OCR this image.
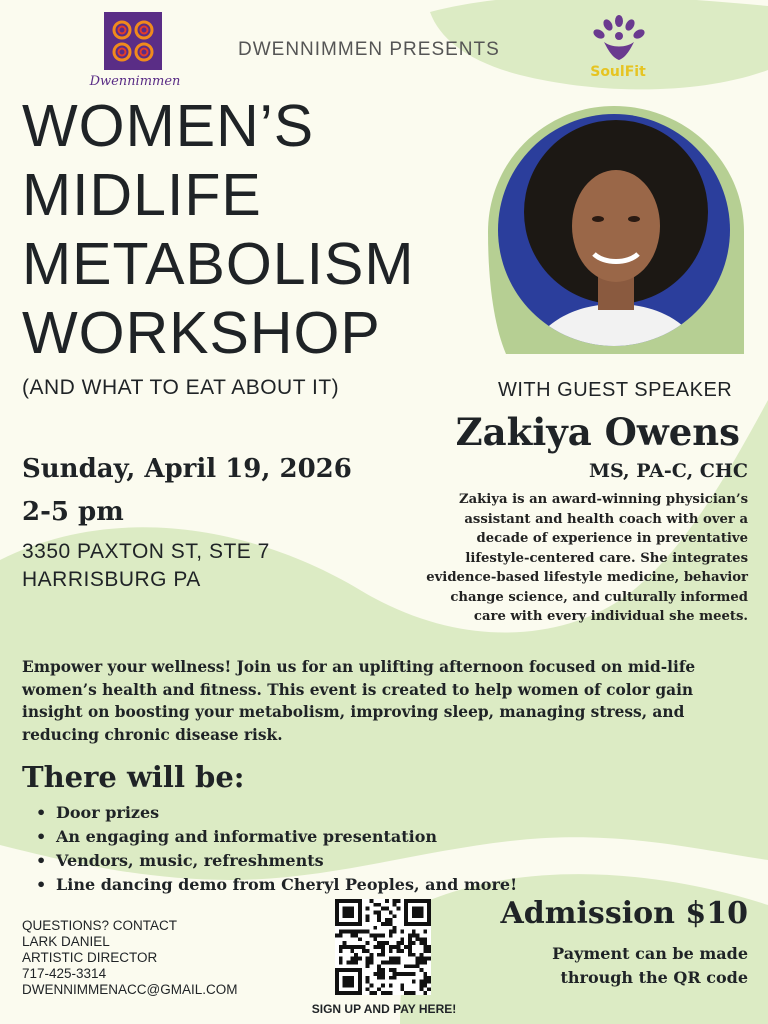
Dwennimmen
DWENNIMMEN PRESENTS
SoulFit
WOMEN’S
MIDLIFE
METABOLISM
WORKSHOP
(AND WHAT TO EAT ABOUT IT)	WITH GUEST SPEAKER
Zakiya Owens
MS, PA-C, CHC
Zakiya is an award-winning physician’s
assistant and health coach with over a
decade of experience in preventative
lifestyle-centered care. She integrates
evidence-based lifestyle medicine, behavior
change science, and culturally informed
care with every individual she meets.
Sunday, April 19, 2026
2-5 pm
3350 PAXTON ST, STE 7
HARRISBURG PA
Empower your wellness! Join us for an uplifting afternoon focused on mid-life
women’s health and fitness. This event is created to help women of color gain
insight on boosting your metabolism, improving sleep, managing stress, and
reducing chronic disease risk.
There will be:
• Door prizes
• An engaging and informative presentation
• Vendors, music, refreshments
• Line dancing demo from Cheryl Peoples, and more!
QUESTIONS? CONTACT
LARK DANIEL
ARTISTIC DIRECTOR
717-425-3314
DWENNIMMENACC@GMAIL.COM
SIGN UP AND PAY HERE!
Admission $10
Payment can be made
through the QR code
